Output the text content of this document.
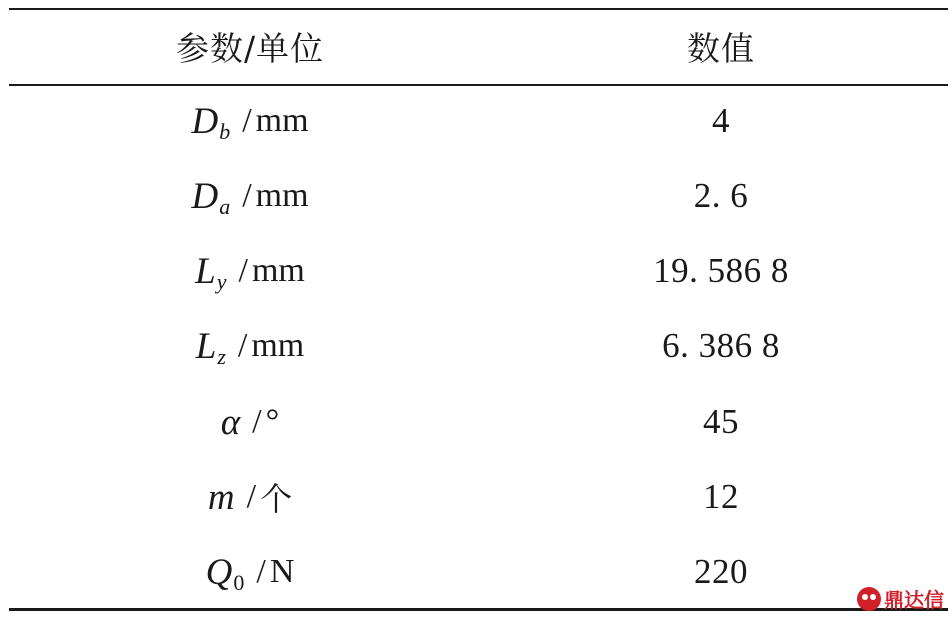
参数/单位	数值
D b / mm	4
D a / mm	2. 6
L y / mm	19. 586 8
L z / mm	6. 386 8
α / °	45
m / 个	12
Q 0 / N	220
鼎达信
